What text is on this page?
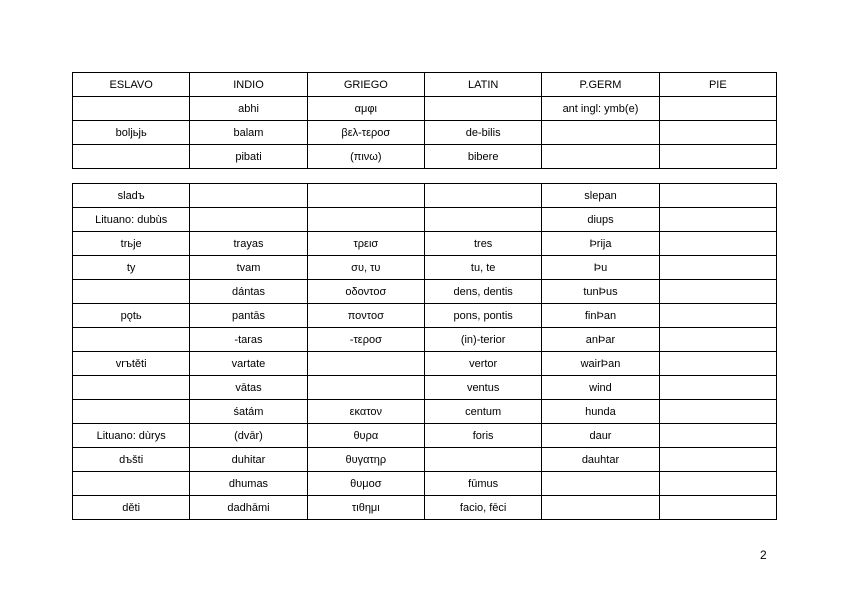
ESLAVO	INDIO	GRIEGO	LATIN	P.GERM	PIE
	abhi	αμφι		ant ingl: ymb(e)	
boljьjь	balam	βελ-τεροσ	de-bilis		
	pibati	(πινω)	bibere		
sladъ				slepan	
Lituano: dubùs				diups	
trьje	trayas	τρεισ	tres	Þrija	
ty	tvam	συ, τυ	tu, te	Þu	
	dántas	οδοντοσ	dens, dentis	tunÞus	
pǫtь	pantās	ποντοσ	pons, pontis	finÞan	
	-taras	-τεροσ	(in)-terior	anÞar	
vrъtěti	vartate		vertor	wairÞan	
	vātas		ventus	wind	
	śatám	εκατον	centum	hunda	
Lituano: dùrys	(dvār)	θυρα	foris	daur	
dъšti	duhitar	θυγατηρ		dauhtar	
	dhumas	θυμοσ	fūmus		
děti	dadhāmi	τιθημι	facio, fēci		
2
